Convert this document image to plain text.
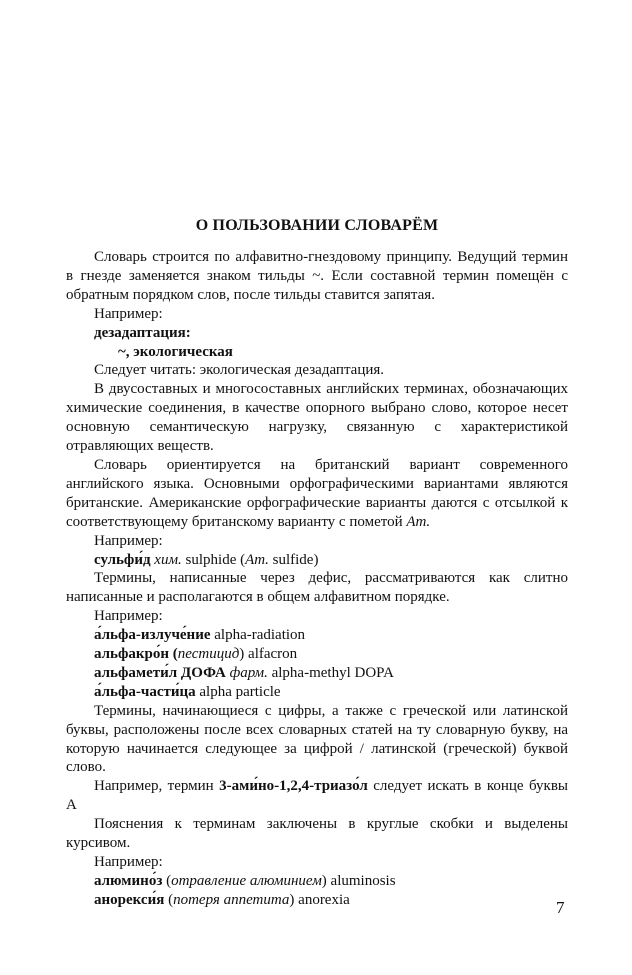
О ПОЛЬЗОВАНИИ СЛОВАРЁМ

Словарь строится по алфавитно-гнездовому принципу. Ведущий термин в гнезде заменяется знаком тильды ~. Если составной термин помещён с обратным порядком слов, после тильды ставится запятая.

Например:

дезадаптация:

~, экологическая

Следует читать: экологическая дезадаптация.

В двусоставных и многосоставных английских терминах, обозначающих химические соединения, в качестве опорного выбрано слово, которое несет основную семантическую нагрузку, связанную с характеристикой отравляющих веществ.

Словарь ориентируется на британский вариант современного английского языка. Основными орфографическими вариантами являются британские. Американские орфографические варианты даются с отсылкой к соответствующему британскому варианту с пометой Am.

Например:

сульфи́д хим. sulphide (Am. sulfide)

Термины, написанные через дефис, рассматриваются как слитно написанные и располагаются в общем алфавитном порядке.

Например:

а́льфа-излуче́ние alpha-radiation

альфакро́н (пестицид) alfacron

альфамети́л ДОФА фарм. alpha-methyl DOPA

а́льфа-части́ца alpha particle

Термины, начинающиеся с цифры, а также с греческой или латинской буквы, расположены после всех словарных статей на ту словарную букву, на которую начинается следующее за цифрой / латинской (греческой) буквой слово.

Например, термин 3-ами́но-1,2,4-триазо́л следует искать в конце буквы А

Пояснения к терминам заключены в круглые скобки и выделены курсивом.

Например:

алюмино́з (отравление алюминием) aluminosis

анорекси́я (потеря аппетита) anorexia	7
